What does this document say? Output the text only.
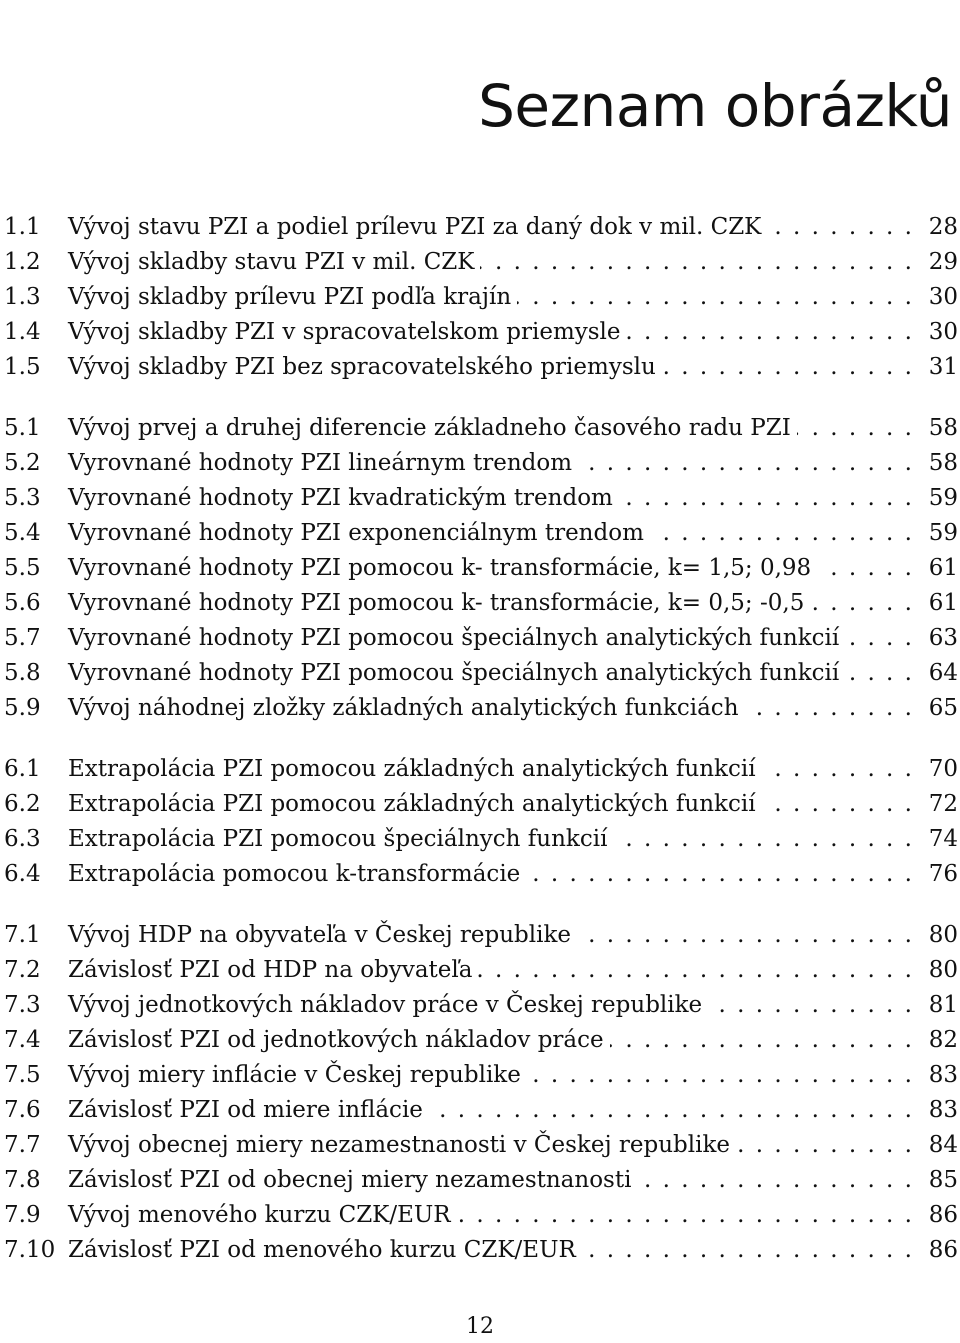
Seznam obrázků
1.1	Vývoj stavu PZI a podiel prílevu PZI za daný dok v mil. CZK . . .	28
1.2	Vývoj skladby stavu PZI v mil. CZK . . .	29
1.3	Vývoj skladby prílevu PZI podľa krajín . . .	30
1.4	Vývoj skladby PZI v spracovatelskom priemysle . . .	30
1.5	Vývoj skladby PZI bez spracovatelského priemyslu . . .	31
5.1	Vývoj prvej a druhej diferencie základneho časového radu PZI . . .	58
5.2	Vyrovnané hodnoty PZI lineárnym trendom . . .	58
5.3	Vyrovnané hodnoty PZI kvadratickým trendom . . .	59
5.4	Vyrovnané hodnoty PZI exponenciálnym trendom . . .	59
5.5	Vyrovnané hodnoty PZI pomocou k- transformácie, k= 1,5; 0,98 . . .	61
5.6	Vyrovnané hodnoty PZI pomocou k- transformácie, k= 0,5; -0,5 . . .	61
5.7	Vyrovnané hodnoty PZI pomocou špeciálnych analytických funkcií . . .	63
5.8	Vyrovnané hodnoty PZI pomocou špeciálnych analytických funkcií . . .	64
5.9	Vývoj náhodnej zložky základných analytických funkciách . . .	65
6.1	Extrapolácia PZI pomocou základných analytických funkcií . . .	70
6.2	Extrapolácia PZI pomocou základných analytických funkcií . . .	72
6.3	Extrapolácia PZI pomocou špeciálnych funkcií . . .	74
6.4	Extrapolácia pomocou k-transformácie . . .	76
7.1	Vývoj HDP na obyvateľa v Českej republike . . .	80
7.2	Závislosť PZI od HDP na obyvateľa . . .	80
7.3	Vývoj jednotkových nákladov práce v Českej republike . . .	81
7.4	Závislosť PZI od jednotkových nákladov práce . . .	82
7.5	Vývoj miery inflácie v Českej republike . . .	83
7.6	Závislosť PZI od miere inflácie . . .	83
7.7	Vývoj obecnej miery nezamestnanosti v Českej republike . . .	84
7.8	Závislosť PZI od obecnej miery nezamestnanosti . . .	85
7.9	Vývoj menového kurzu CZK/EUR . . .	86
7.10 Závislosť PZI od menového kurzu CZK/EUR . . .	86
12
